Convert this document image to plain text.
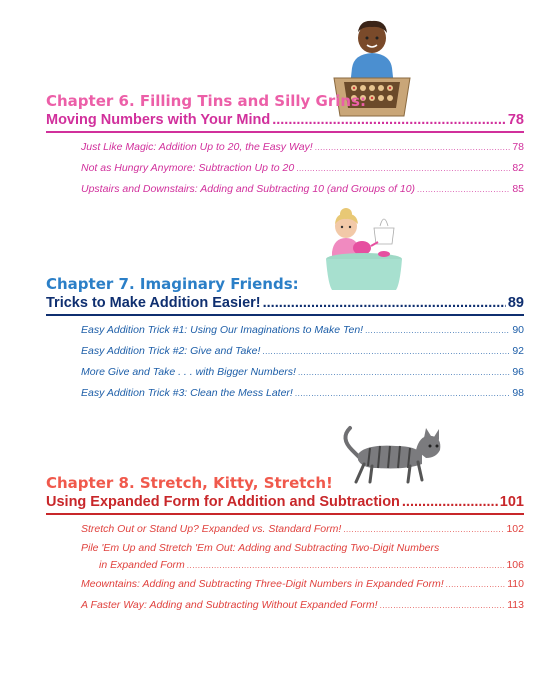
Chapter 6. Filling Tins and Silly Grins:
Moving Numbers with Your Mind .....	78
Just Like Magic: Addition Up to 20, the Easy Way! .....	78
Not as Hungry Anymore: Subtraction Up to 20 .....	82
Upstairs and Downstairs: Adding and Subtracting 10 (and Groups of 10) .....	85
Chapter 7. Imaginary Friends:
Tricks to Make Addition Easier! .....	89
Easy Addition Trick #1: Using Our Imaginations to Make Ten! .....	90
Easy Addition Trick #2: Give and Take! .....	92
More Give and Take . . . with Bigger Numbers! .....	96
Easy Addition Trick #3: Clean the Mess Later! .....	98
Chapter 8. Stretch, Kitty, Stretch!
Using Expanded Form for Addition and Subtraction .....	101
Stretch Out or Stand Up? Expanded vs. Standard Form! .....	102
Pile 'Em Up and Stretch 'Em Out: Adding and Subtracting Two-Digit Numbers
in Expanded Form .....	106
Meowntains: Adding and Subtracting Three-Digit Numbers in Expanded Form! .....	110
A Faster Way: Adding and Subtracting Without Expanded Form! .....	113
